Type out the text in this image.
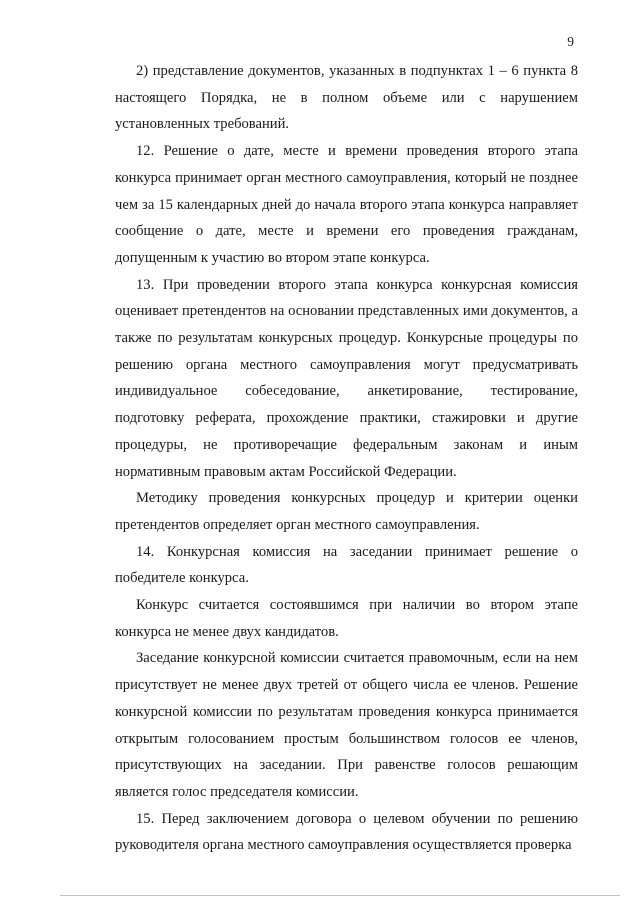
9

2) представление документов, указанных в подпунктах 1 – 6 пункта 8 настоящего Порядка, не в полном объеме или с нарушением установленных требований.

12. Решение о дате, месте и времени проведения второго этапа конкурса принимает орган местного самоуправления, который не позднее чем за 15 календарных дней до начала второго этапа конкурса направляет сообщение о дате, месте и времени его проведения гражданам, допущенным к участию во втором этапе конкурса.

13. При проведении второго этапа конкурса конкурсная комиссия оценивает претендентов на основании представленных ими документов, а также по результатам конкурсных процедур. Конкурсные процедуры по решению органа местного самоуправления могут предусматривать индивидуальное собеседование, анкетирование, тестирование, подготовку реферата, прохождение практики, стажировки и другие процедуры, не противоречащие федеральным законам и иным нормативным правовым актам Российской Федерации.

Методику проведения конкурсных процедур и критерии оценки претендентов определяет орган местного самоуправления.

14. Конкурсная комиссия на заседании принимает решение о победителе конкурса.

Конкурс считается состоявшимся при наличии во втором этапе конкурса не менее двух кандидатов.

Заседание конкурсной комиссии считается правомочным, если на нем присутствует не менее двух третей от общего числа ее членов. Решение конкурсной комиссии по результатам проведения конкурса принимается открытым голосованием простым большинством голосов ее членов, присутствующих на заседании. При равенстве голосов решающим является голос председателя комиссии.

15. Перед заключением договора о целевом обучении по решению руководителя органа местного самоуправления осуществляется проверка
